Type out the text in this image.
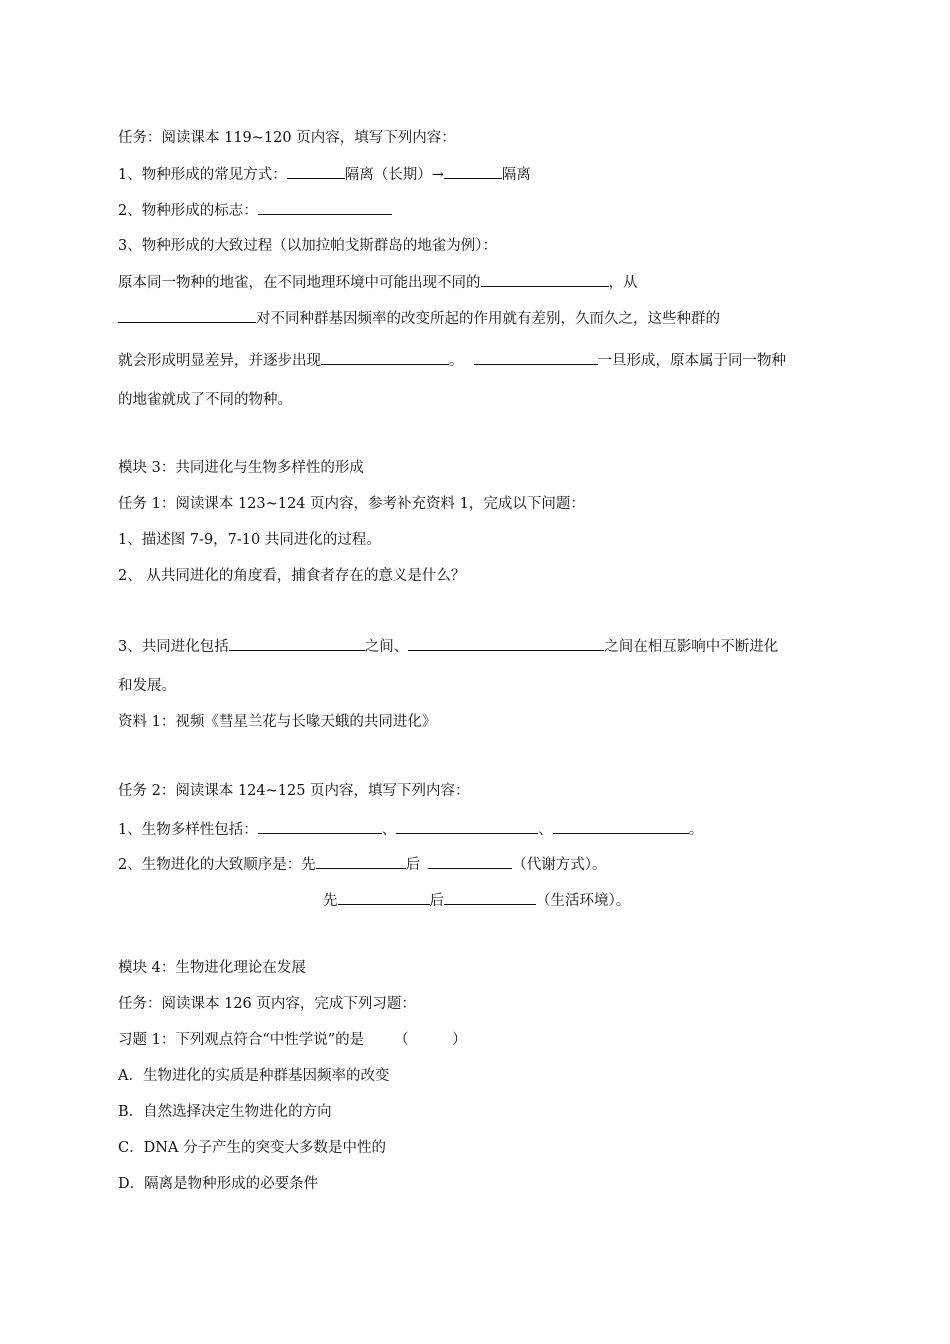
任务：阅读课本 119~120 页内容，填写下列内容：
1、物种形成的常见方式：	隔离（长期）→	隔离
2、物种形成的标志：
3、物种形成的大致过程（以加拉帕戈斯群岛的地雀为例）：
原本同一物种的地雀，在不同地理环境中可能出现不同的	，从
对不同种群基因频率的改变所起的作用就有差别，久而久之，这些种群的
就会形成明显差异，并逐步出现	。	一旦形成，原本属于同一物种
的地雀就成了不同的物种。
模块 3：共同进化与生物多样性的形成
任务 1：阅读课本 123~124 页内容，参考补充资料 1，完成以下问题：
1、描述图 7-9，7-10 共同进化的过程。
2、 从共同进化的角度看，捕食者存在的意义是什么？
3、共同进化包括	之间、	之间在相互影响中不断进化
和发展。
资料 1：视频《彗星兰花与长喙天蛾的共同进化》
任务 2：阅读课本 124~125 页内容，填写下列内容：
1、生物多样性包括：	、	、	。
2、生物进化的大致顺序是：先	后	（代谢方式）。
先	后	（生活环境）。
模块 4：生物进化理论在发展
任务：阅读课本 126 页内容，完成下列习题：
习题 1：下列观点符合“中性学说”的是 （　　　）
A．生物进化的实质是种群基因频率的改变
B．自然选择决定生物进化的方向
C．DNA 分子产生的突变大多数是中性的
D．隔离是物种形成的必要条件
